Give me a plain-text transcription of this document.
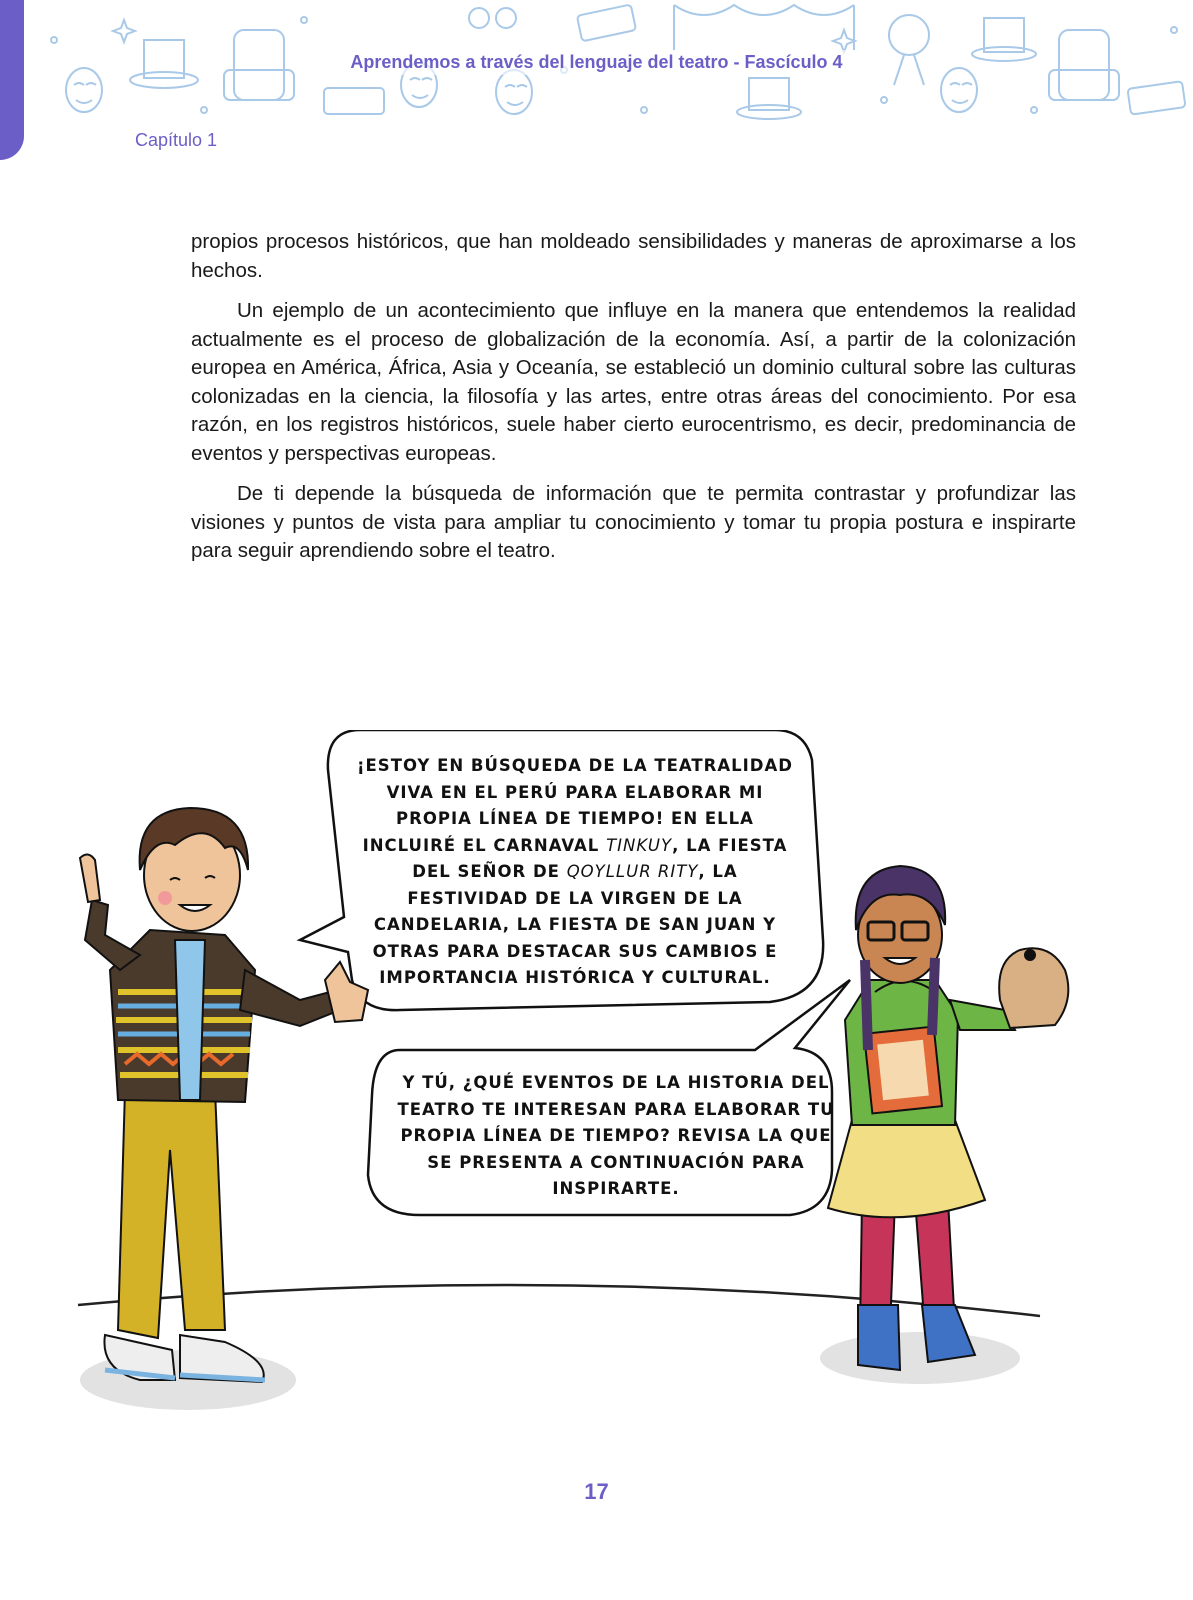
Aprendemos a través del lenguaje del teatro - Fascículo 4
Capítulo 1

propios procesos históricos, que han moldeado sensibilidades y maneras de aproximarse a los hechos.

Un ejemplo de un acontecimiento que influye en la manera que entendemos la realidad actualmente es el proceso de globalización de la economía. Así, a partir de la colonización europea en América, África, Asia y Oceanía, se estableció un dominio cultural sobre las culturas colonizadas en la ciencia, la filosofía y las artes, entre otras áreas del conocimiento. Por esa razón, en los registros históricos, suele haber cierto eurocentrismo, es decir, predominancia de eventos y perspectivas europeas.

De ti depende la búsqueda de información que te permita contrastar y profundizar las visiones y puntos de vista para ampliar tu conocimiento y tomar tu propia postura e inspirarte para seguir aprendiendo sobre el teatro.

¡ESTOY EN BÚSQUEDA DE LA TEATRALIDAD VIVA EN EL PERÚ PARA ELABORAR MI PROPIA LÍNEA DE TIEMPO! EN ELLA INCLUIRÉ EL CARNAVAL TINKUY, LA FIESTA DEL SEÑOR DE QOYLLUR RITY, LA FESTIVIDAD DE LA VIRGEN DE LA CANDELARIA, LA FIESTA DE SAN JUAN Y OTRAS PARA DESTACAR SUS CAMBIOS E IMPORTANCIA HISTÓRICA Y CULTURAL.
Y TÚ, ¿QUÉ EVENTOS DE LA HISTORIA DEL TEATRO TE INTERESAN PARA ELABORAR TU PROPIA LÍNEA DE TIEMPO? REVISA LA QUE SE PRESENTA A CONTINUACIÓN PARA INSPIRARTE.
17
